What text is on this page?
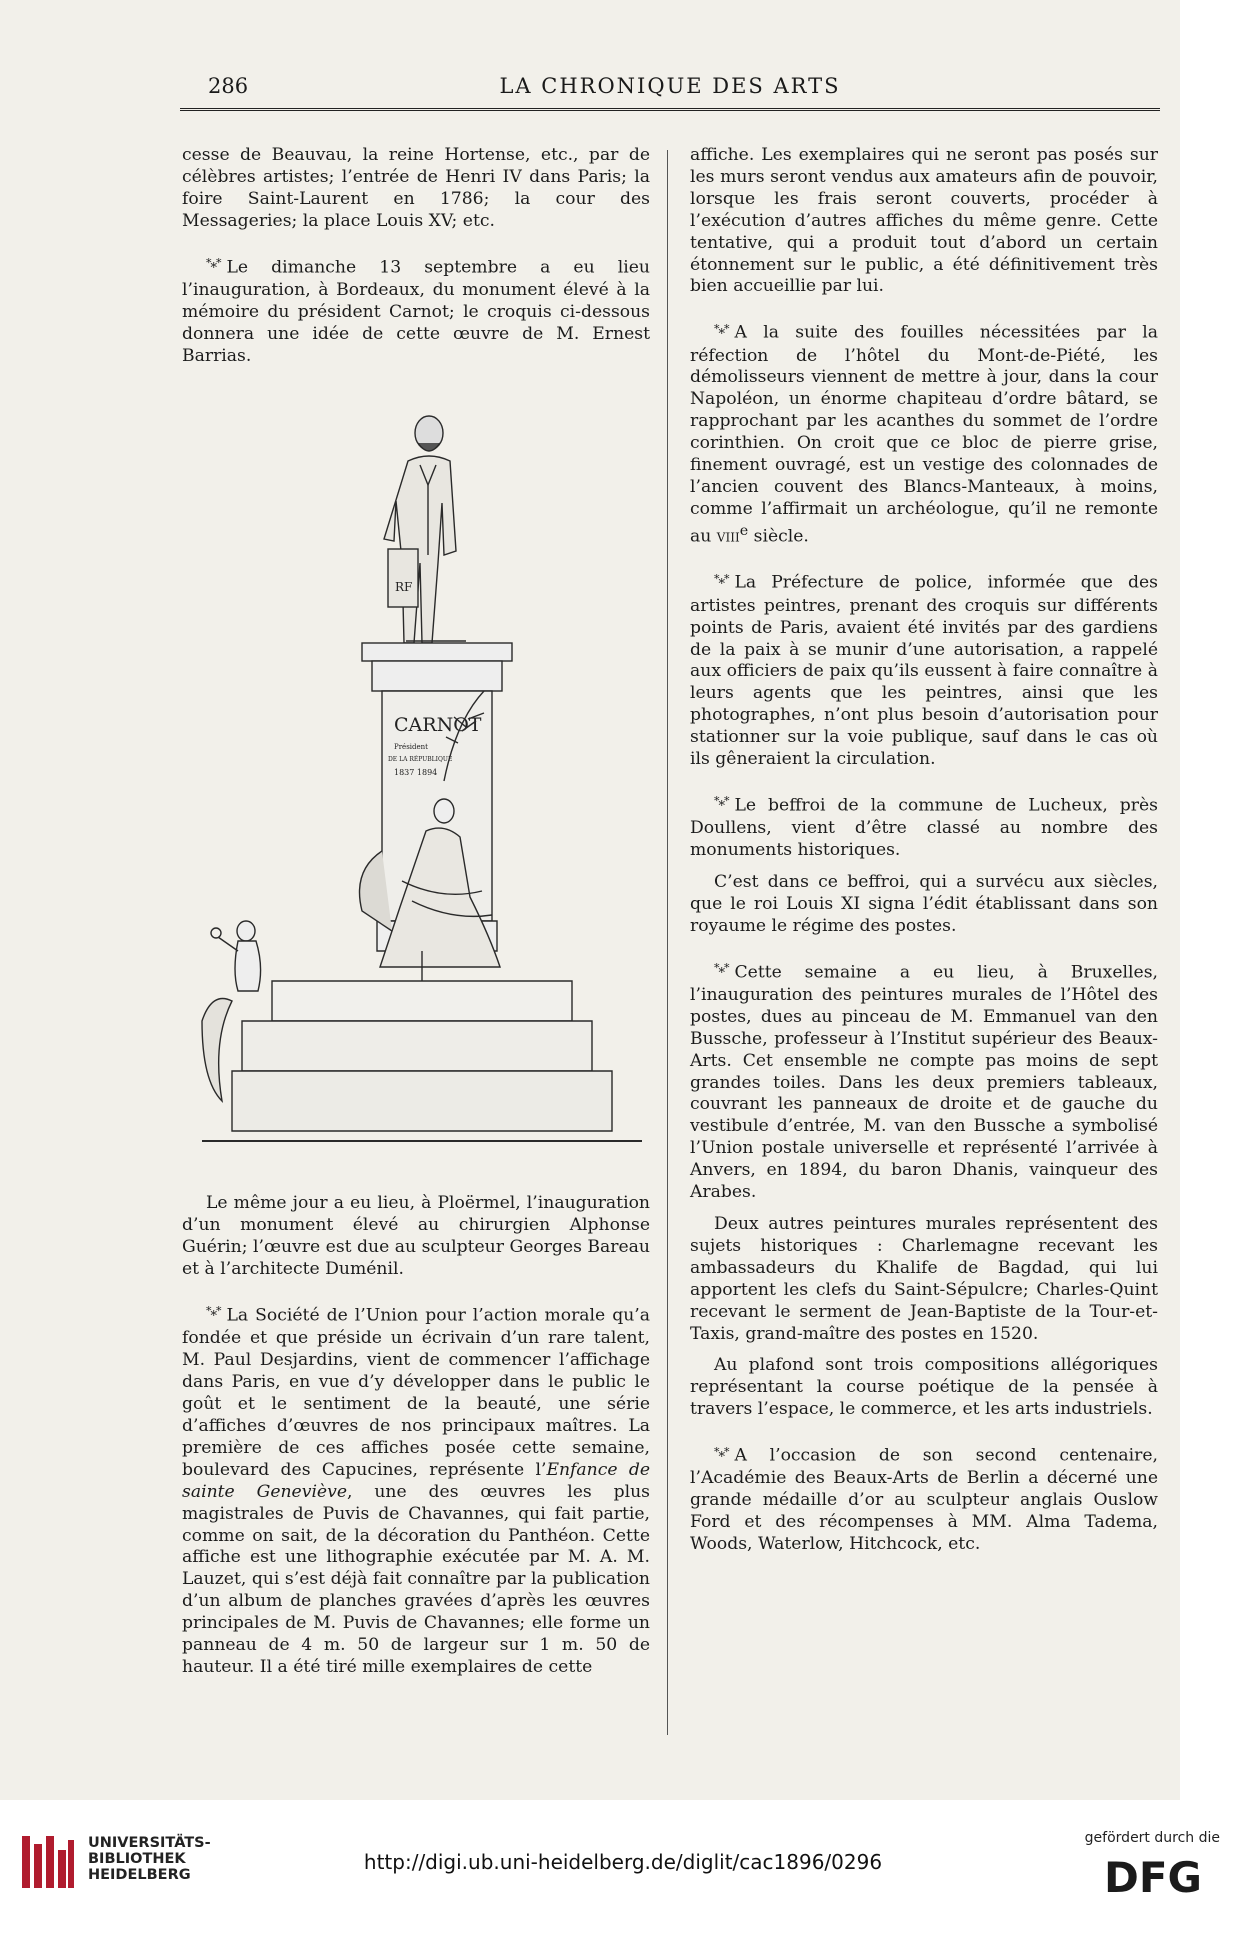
286	LA CHRONIQUE DES ARTS

cesse de Beauvau, la reine Hortense, etc., par de célèbres artistes; l’entrée de Henri IV dans Paris; la foire Saint-Laurent en 1786; la cour des Messageries; la place Louis XV; etc.

*** Le dimanche 13 septembre a eu lieu l’inauguration, à Bordeaux, du monument élevé à la mémoire du président Carnot; le croquis ci-dessous donnera une idée de cette œuvre de M. Ernest Barrias.

RF
CARNOT
Président
DE LA RÉPUBLIQUE
1837 1894

Le même jour a eu lieu, à Ploërmel, l’inauguration d’un monument élevé au chirurgien Alphonse Guérin; l’œuvre est due au sculpteur Georges Bareau et à l’architecte Duménil.

*** La Société de l’Union pour l’action morale qu’a fondée et que préside un écrivain d’un rare talent, M. Paul Desjardins, vient de commencer l’affichage dans Paris, en vue d’y développer dans le public le goût et le sentiment de la beauté, une série d’affiches d’œuvres de nos principaux maîtres. La première de ces affiches posée cette semaine, boulevard des Capucines, représente l’Enfance de sainte Geneviève, une des œuvres les plus magistrales de Puvis de Chavannes, qui fait partie, comme on sait, de la décoration du Panthéon. Cette affiche est une lithographie exécutée par M. A. M. Lauzet, qui s’est déjà fait connaître par la publication d’un album de planches gravées d’après les œuvres principales de M. Puvis de Chavannes; elle forme un panneau de 4 m. 50 de largeur sur 1 m. 50 de hauteur. Il a été tiré mille exemplaires de cette

affiche. Les exemplaires qui ne seront pas posés sur les murs seront vendus aux amateurs afin de pouvoir, lorsque les frais seront couverts, procéder à l’exécution d’autres affiches du même genre. Cette tentative, qui a produit tout d’abord un certain étonnement sur le public, a été définitivement très bien accueillie par lui.

*** A la suite des fouilles nécessitées par la réfection de l’hôtel du Mont-de-Piété, les démolisseurs viennent de mettre à jour, dans la cour Napoléon, un énorme chapiteau d’ordre bâtard, se rapprochant par les acanthes du sommet de l’ordre corinthien. On croit que ce bloc de pierre grise, finement ouvragé, est un vestige des colonnades de l’ancien couvent des Blancs-Manteaux, à moins, comme l’affirmait un archéologue, qu’il ne remonte au viii$^e$ siècle.

*** La Préfecture de police, informée que des artistes peintres, prenant des croquis sur différents points de Paris, avaient été invités par des gardiens de la paix à se munir d’une autorisation, a rappelé aux officiers de paix qu’ils eussent à faire connaître à leurs agents que les peintres, ainsi que les photographes, n’ont plus besoin d’autorisation pour stationner sur la voie publique, sauf dans le cas où ils gêneraient la circulation.

*** Le beffroi de la commune de Lucheux, près Doullens, vient d’être classé au nombre des monuments historiques.

C’est dans ce beffroi, qui a survécu aux siècles, que le roi Louis XI signa l’édit établissant dans son royaume le régime des postes.

*** Cette semaine a eu lieu, à Bruxelles, l’inauguration des peintures murales de l’Hôtel des postes, dues au pinceau de M. Emmanuel van den Bussche, professeur à l’Institut supérieur des Beaux-Arts. Cet ensemble ne compte pas moins de sept grandes toiles. Dans les deux premiers tableaux, couvrant les panneaux de droite et de gauche du vestibule d’entrée, M. van den Bussche a symbolisé l’Union postale universelle et représenté l’arrivée à Anvers, en 1894, du baron Dhanis, vainqueur des Arabes.

Deux autres peintures murales représentent des sujets historiques : Charlemagne recevant les ambassadeurs du Khalife de Bagdad, qui lui apportent les clefs du Saint-Sépulcre; Charles-Quint recevant le serment de Jean-Baptiste de la Tour-et-Taxis, grand-maître des postes en 1520.

Au plafond sont trois compositions allégoriques représentant la course poétique de la pensée à travers l’espace, le commerce, et les arts industriels.

*** A l’occasion de son second centenaire, l’Académie des Beaux-Arts de Berlin a décerné une grande médaille d’or au sculpteur anglais Ouslow Ford et des récompenses à MM. Alma Tadema, Woods, Waterlow, Hitchcock, etc.

UNIVERSITÄTS-
BIBLIOTHEK
HEIDELBERG
http://digi.ub.uni-heidelberg.de/diglit/cac1896/0296
gefördert durch die
DFG
